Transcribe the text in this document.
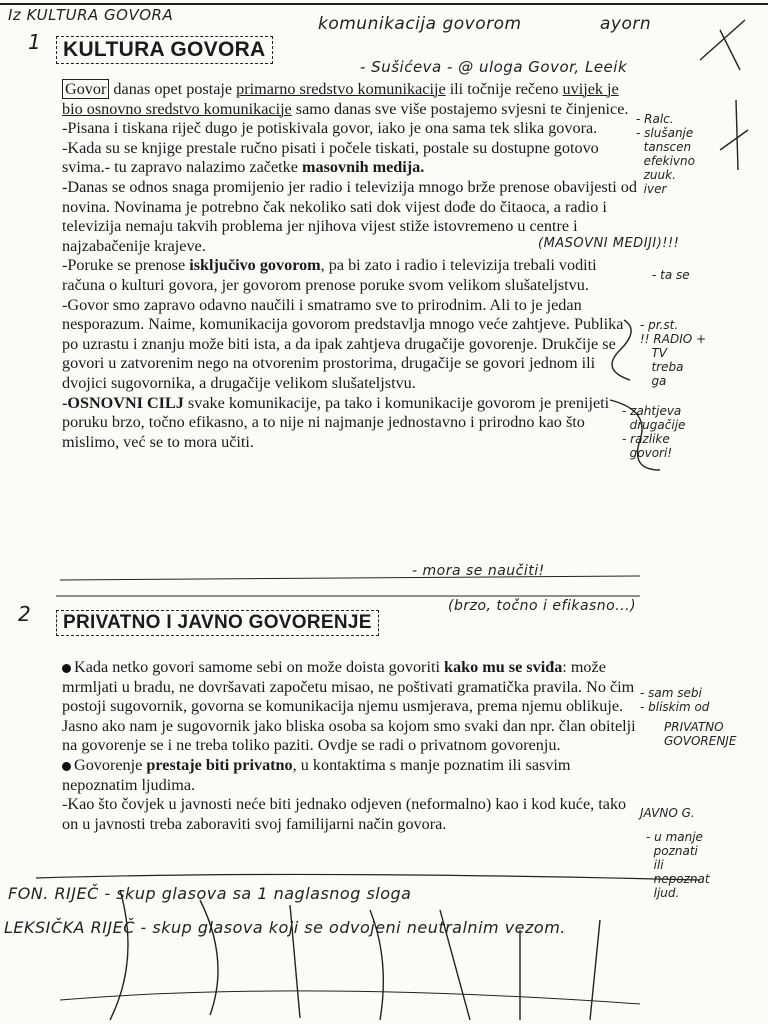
Iz KULTURA GOVORA	komunikacija govorom	ayorn
- Sušićeva - @ uloga Govor, Leeik
1	KULTURA GOVORA

Govor danas opet postaje primarno sredstvo komunikacije ili točnije rečeno uvijek je bio osnovno sredstvo komunikacije samo danas sve više postajemo svjesni te činjenice.

-Pisana i tiskana riječ dugo je potiskivala govor, iako je ona sama tek slika govora.

-Kada su se knjige prestale ručno pisati i počele tiskati, postale su dostupne gotovo svima.- tu zapravo nalazimo začetke masovnih medija.

-Danas se odnos snaga promijenio jer radio i televizija mnogo brže prenose obavijesti od novina. Novinama je potrebno čak nekoliko sati dok vijest dođe do čitaoca, a radio i televizija nemaju takvih problema jer njihova vijest stiže istovremeno u centre i najzabačenije krajeve.

-Poruke se prenose isključivo govorom, pa bi zato i radio i televizija trebali voditi računa o kulturi govora, jer govorom prenose poruke svom velikom slušateljstvu.

-Govor smo zapravo odavno naučili i smatramo sve to prirodnim. Ali to je jedan nesporazum. Naime, komunikacija govorom predstavlja mnogo veće zahtjeve. Publika po uzrastu i znanju može biti ista, a da ipak zahtjeva drugačije govorenje. Drukčije se govori u zatvorenim nego na otvorenim prostorima, drugačije se govori jednom ili dvojici sugovornika, a drugačije velikom slušateljstvu.

-OSNOVNI CILJ svake komunikacije, pa tako i komunikacije govorom je prenijeti poruku brzo, točno efikasno, a to nije ni najmanje jednostavno i prirodno kao što mislimo, već se to mora učiti.

(MASOVNI MEDIJI)!!!
- mora se naučiti!
- Ralc.
- slušanje
tanscen
efekivno
zuuk.
iver
- ta se
- pr.st.
!! RADIO +
TV
treba
ga
- zahtjeva
drugačije
- razlike
govori!
2	PRIVATNO I JAVNO GOVORENJE
(brzo, točno i efikasno...)

Kada netko govori samome sebi on može doista govoriti kako mu se sviđa: može mrmljati u bradu, ne dovršavati započetu misao, ne poštivati gramatička pravila. No čim postoji sugovornik, govorna se komunikacija njemu usmjerava, prema njemu oblikuje. Jasno ako nam je sugovornik jako bliska osoba sa kojom smo svaki dan npr. član obitelji na govorenje se i ne treba toliko paziti. Ovdje se radi o privatnom govorenju.

Govorenje prestaje biti privatno, u kontaktima s manje poznatim ili sasvim nepoznatim ljudima.

-Kao što čovjek u javnosti neće biti jednako odjeven (neformalno) kao i kod kuće, tako on u javnosti treba zaboraviti svoj familijarni način govora.

- sam sebi
- bliskim od
PRIVATNO
GOVORENJE
JAVNO G.
- u manje
poznati
ili
nepoznat
ljud.
FON. RIJEČ - skup glasova sa 1 naglasnog sloga
LEKSIČKA RIJEČ - skup glasova koji se odvojeni neutralnim vezom.
